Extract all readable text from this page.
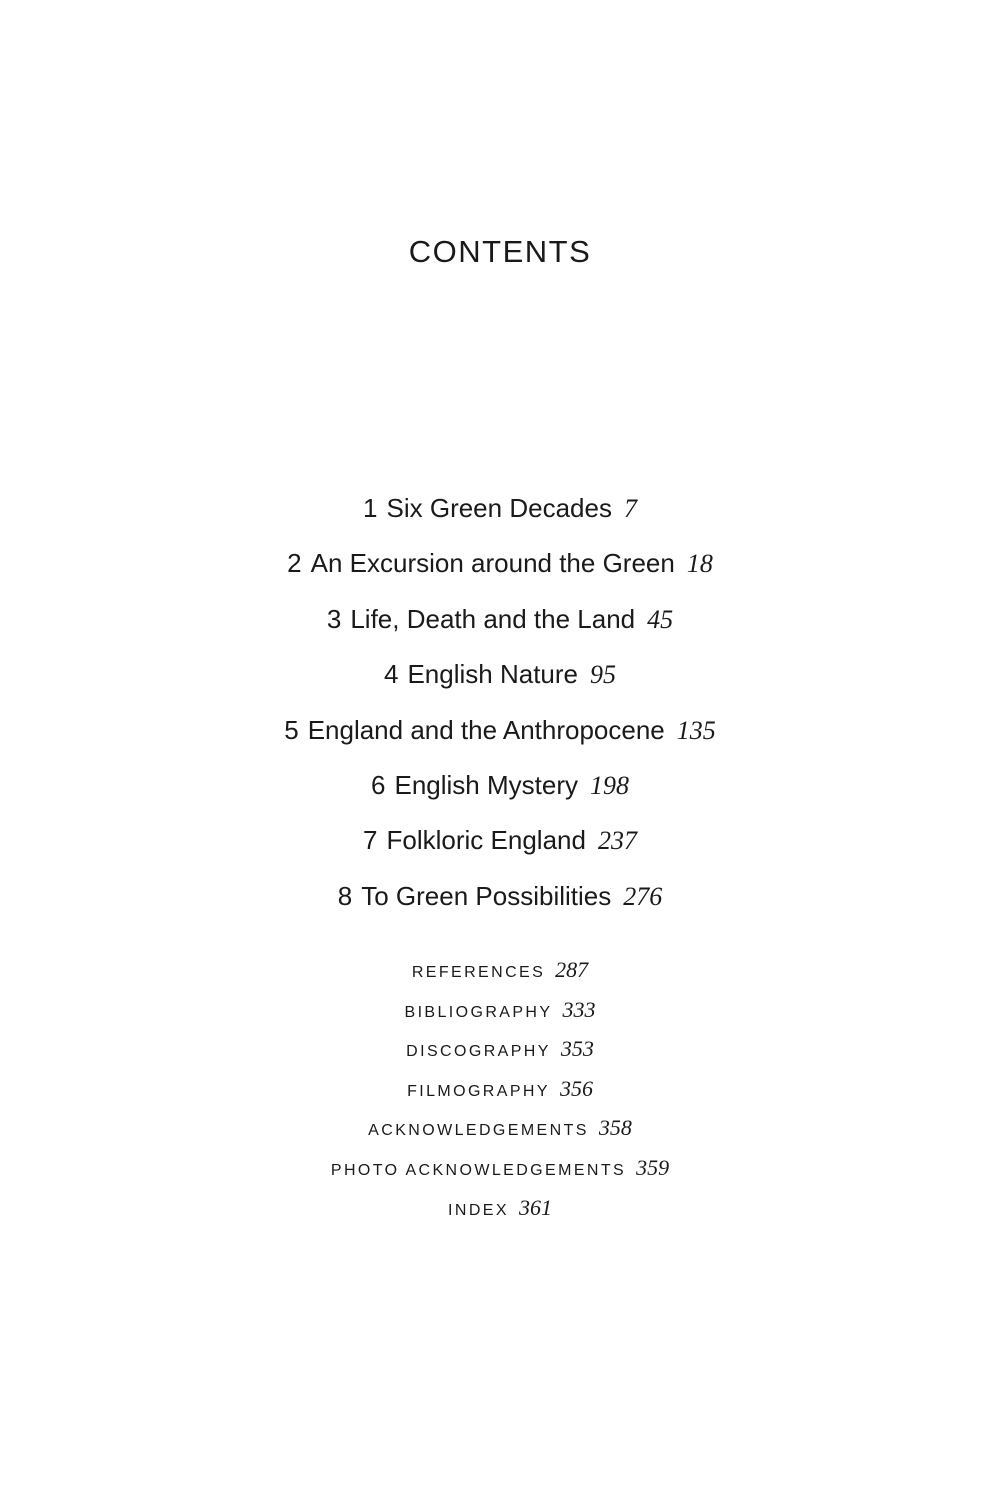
CONTENTS
1 Six Green Decades 7
2 An Excursion around the Green 18
3 Life, Death and the Land 45
4 English Nature 95
5 England and the Anthropocene 135
6 English Mystery 198
7 Folkloric England 237
8 To Green Possibilities 276
REFERENCES 287
BIBLIOGRAPHY 333
DISCOGRAPHY 353
FILMOGRAPHY 356
ACKNOWLEDGEMENTS 358
PHOTO ACKNOWLEDGEMENTS 359
INDEX 361
